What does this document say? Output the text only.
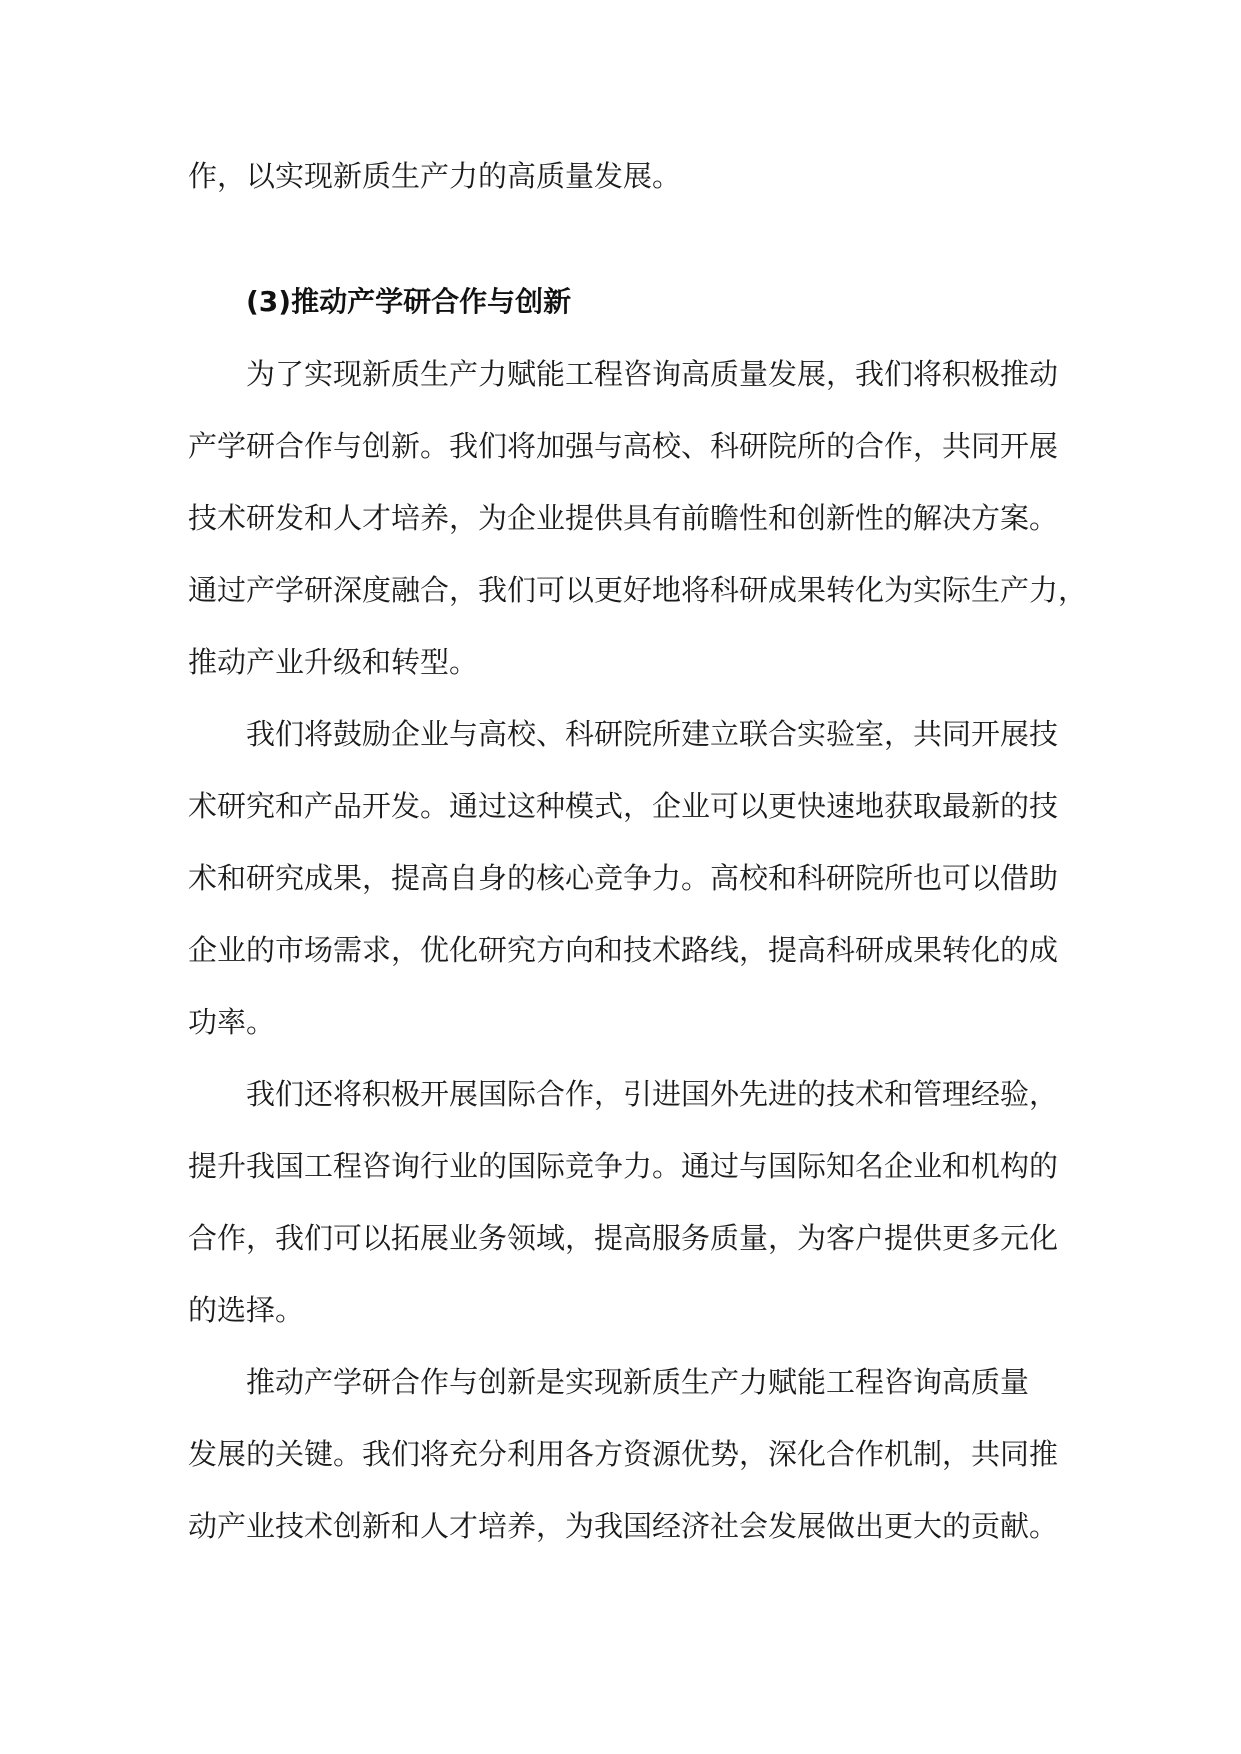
作，以实现新质生产力的高质量发展。
(3)推动产学研合作与创新
为了实现新质生产力赋能工程咨询高质量发展，我们将积极推动
产学研合作与创新。我们将加强与高校、科研院所的合作，共同开展
技术研发和人才培养，为企业提供具有前瞻性和创新性的解决方案。
通过产学研深度融合，我们可以更好地将科研成果转化为实际生产力，
推动产业升级和转型。
我们将鼓励企业与高校、科研院所建立联合实验室，共同开展技
术研究和产品开发。通过这种模式，企业可以更快速地获取最新的技
术和研究成果，提高自身的核心竞争力。高校和科研院所也可以借助
企业的市场需求，优化研究方向和技术路线，提高科研成果转化的成
功率。
我们还将积极开展国际合作，引进国外先进的技术和管理经验，
提升我国工程咨询行业的国际竞争力。通过与国际知名企业和机构的
合作，我们可以拓展业务领域，提高服务质量，为客户提供更多元化
的选择。
推动产学研合作与创新是实现新质生产力赋能工程咨询高质量
发展的关键。我们将充分利用各方资源优势，深化合作机制，共同推
动产业技术创新和人才培养，为我国经济社会发展做出更大的贡献。
